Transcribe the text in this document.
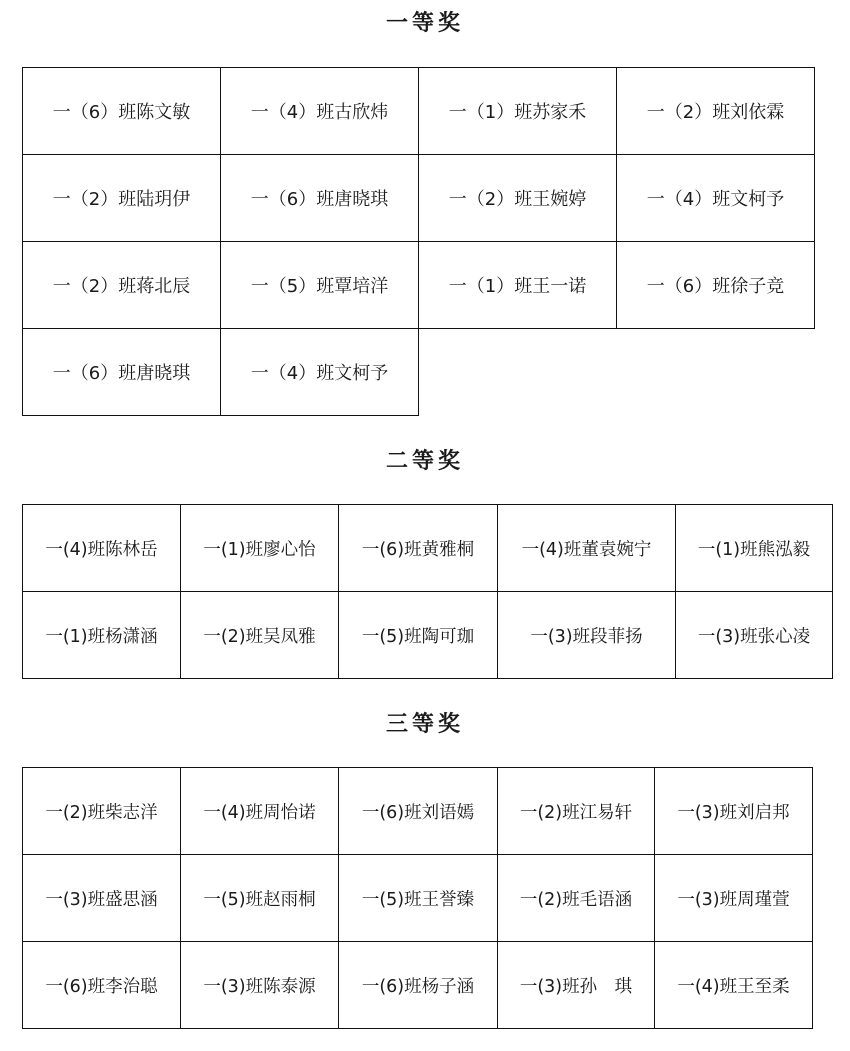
一等奖
一（6）班陈文敏	一（4）班古欣炜	一（1）班苏家禾	一（2）班刘依霖
一（2）班陆玥伊	一（6）班唐晓琪	一（2）班王婉婷	一（4）班文柯予
一（2）班蒋北辰	一（5）班覃培洋	一（1）班王一诺	一（6）班徐子竞
一（6）班唐晓琪	一（4）班文柯予		
二等奖
一(4)班陈林岳	一(1)班廖心怡	一(6)班黄雅桐	一(4)班董袁婉宁	一(1)班熊泓毅
一(1)班杨潇涵	一(2)班吴凤雅	一(5)班陶可珈	一(3)班段菲扬	一(3)班张心凌
三等奖
一(2)班柴志洋	一(4)班周怡诺	一(6)班刘语嫣	一(2)班江易轩	一(3)班刘启邦
一(3)班盛思涵	一(5)班赵雨桐	一(5)班王誉臻	一(2)班毛语涵	一(3)班周瑾萱
一(6)班李治聪	一(3)班陈泰源	一(6)班杨子涵	一(3)班孙　琪	一(4)班王至柔
